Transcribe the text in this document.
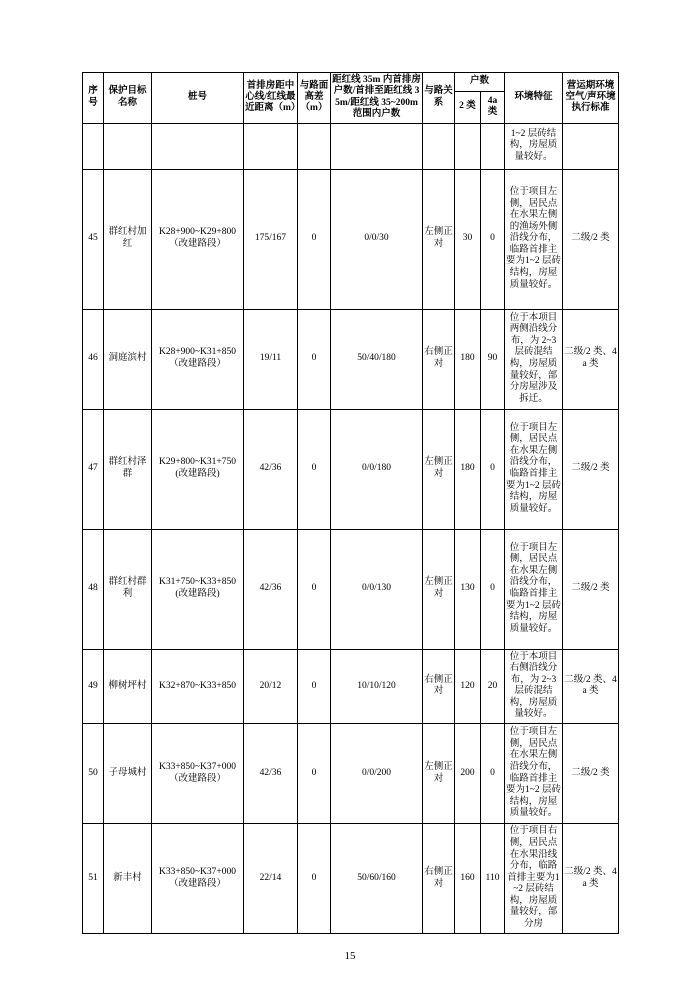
序号	保护目标名称	桩号	首排房距中心线/红线最近距离（m）	与路面高差（m）	距红线 35m 内首排房户数/首排至距红线 35m/距红线 35~200m 范围内户数	与路关系	户数		环境特征	营运期环境空气/声环境执行标准
							2 类	4a 类		
									1~2 层砖结构，房屋质量较好。	
45	群红村加红	K28+900~K29+800（改建路段）	175/167	0	0/0/30	左侧正对	30	0	位于项目左侧，居民点在水果左侧的渔场外侧沿线分布，临路首排主要为1~2 层砖结构，房屋质量较好。	二级/2 类
46	洞庭滨村	K28+900~K31+850（改建路段）	19/11	0	50/40/180	右侧正对	180	90	位于本项目两侧沿线分布，为 2~3 层砖混结构，房屋质量较好，部分房屋涉及拆迁。	二级/2 类、4a 类
47	群红村泽群	K29+800~K31+750(改建路段)	42/36	0	0/0/180	左侧正对	180	0	位于项目左侧，居民点在水果左侧沿线分布，临路首排主要为1~2 层砖结构，房屋质量较好。	二级/2 类
48	群红村群利	K31+750~K33+850(改建路段)	42/36	0	0/0/130	左侧正对	130	0	位于项目左侧，居民点在水果左侧沿线分布，临路首排主要为1~2 层砖结构，房屋质量较好。	二级/2 类
49	柳树坪村	K32+870~K33+850	20/12	0	10/10/120	右侧正对	120	20	位于本项目右侧沿线分布，为 2~3 层砖混结构，房屋质量较好。	二级/2 类、4a 类
50	子母城村	K33+850~K37+000（改建路段）	42/36	0	0/0/200	左侧正对	200	0	位于项目左侧，居民点在水果左侧沿线分布，临路首排主要为1~2 层砖结构，房屋质量较好。	二级/2 类
51	新丰村	K33+850~K37+000（改建路段）	22/14	0	50/60/160	右侧正对	160	110	位于项目右侧，居民点在水果沿线分布，临路首排主要为1~2 层砖结构，房屋质量较好，部分房	二级/2 类、4a 类
15
